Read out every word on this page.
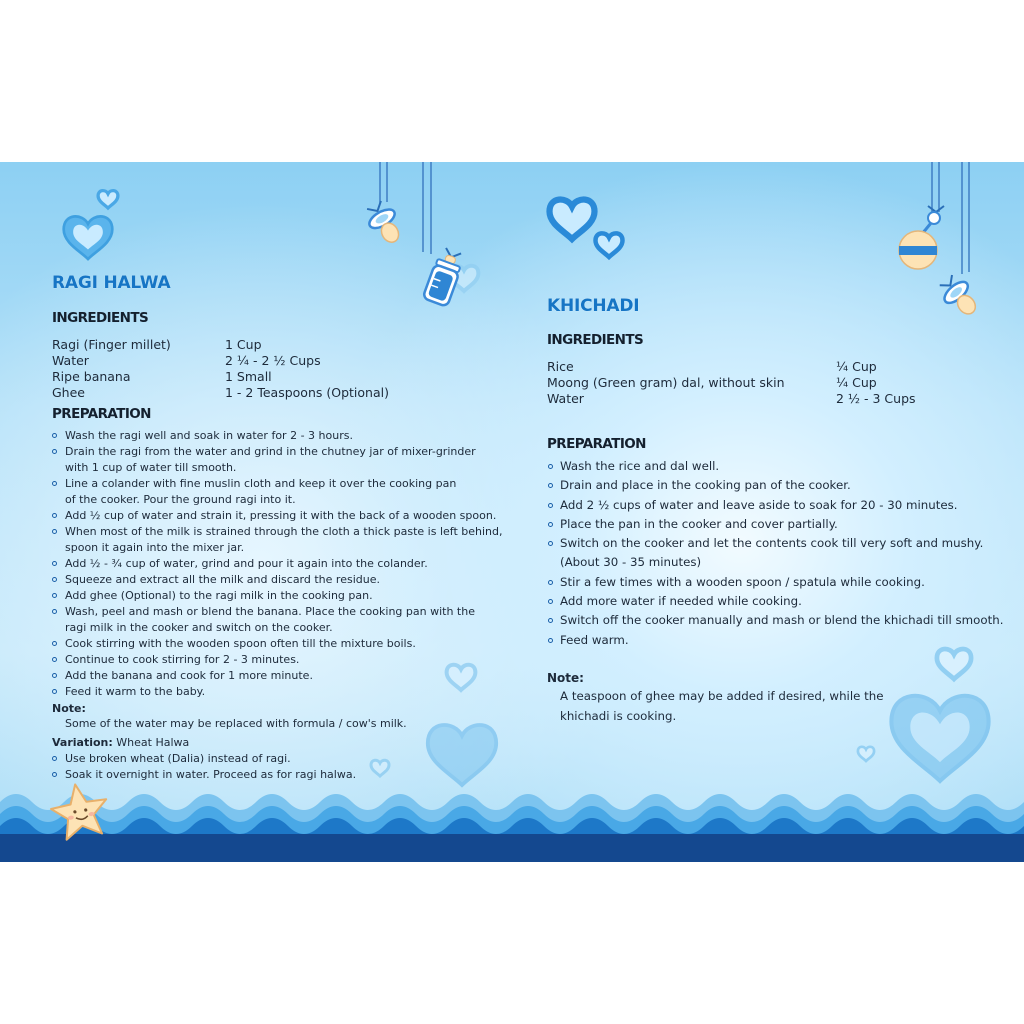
RAGI HALWA
INGREDIENTS
Ragi (Finger millet)	1 Cup
Water	2 ¼ - 2 ½ Cups
Ripe banana	1 Small
Ghee	1 - 2 Teaspoons (Optional)
PREPARATION
Wash the ragi well and soak in water for 2 - 3 hours.
Drain the ragi from the water and grind in the chutney jar of mixer-grinder
with 1 cup of water till smooth.
Line a colander with fine muslin cloth and keep it over the cooking pan
of the cooker. Pour the ground ragi into it.
Add ½ cup of water and strain it, pressing it with the back of a wooden spoon.
When most of the milk is strained through the cloth a thick paste is left behind,
spoon it again into the mixer jar.
Add ½ - ¾ cup of water, grind and pour it again into the colander.
Squeeze and extract all the milk and discard the residue.
Add ghee (Optional) to the ragi milk in the cooking pan.
Wash, peel and mash or blend the banana. Place the cooking pan with the
ragi milk in the cooker and switch on the cooker.
Cook stirring with the wooden spoon often till the mixture boils.
Continue to cook stirring for 2 - 3 minutes.
Add the banana and cook for 1 more minute.
Feed it warm to the baby.
Note:
Some of the water may be replaced with formula / cow's milk.
Variation: Wheat Halwa
Use broken wheat (Dalia) instead of ragi.
Soak it overnight in water. Proceed as for ragi halwa.
KHICHADI
INGREDIENTS
Rice	¼ Cup
Moong (Green gram) dal, without skin	¼ Cup
Water	2 ½ - 3 Cups
PREPARATION
Wash the rice and dal well.
Drain and place in the cooking pan of the cooker.
Add 2 ½ cups of water and leave aside to soak for 20 - 30 minutes.
Place the pan in the cooker and cover partially.
Switch on the cooker and let the contents cook till very soft and mushy.
(About 30 - 35 minutes)
Stir a few times with a wooden spoon / spatula while cooking.
Add more water if needed while cooking.
Switch off the cooker manually and mash or blend the khichadi till smooth.
Feed warm.
Note:
A teaspoon of ghee may be added if desired, while the
khichadi is cooking.
